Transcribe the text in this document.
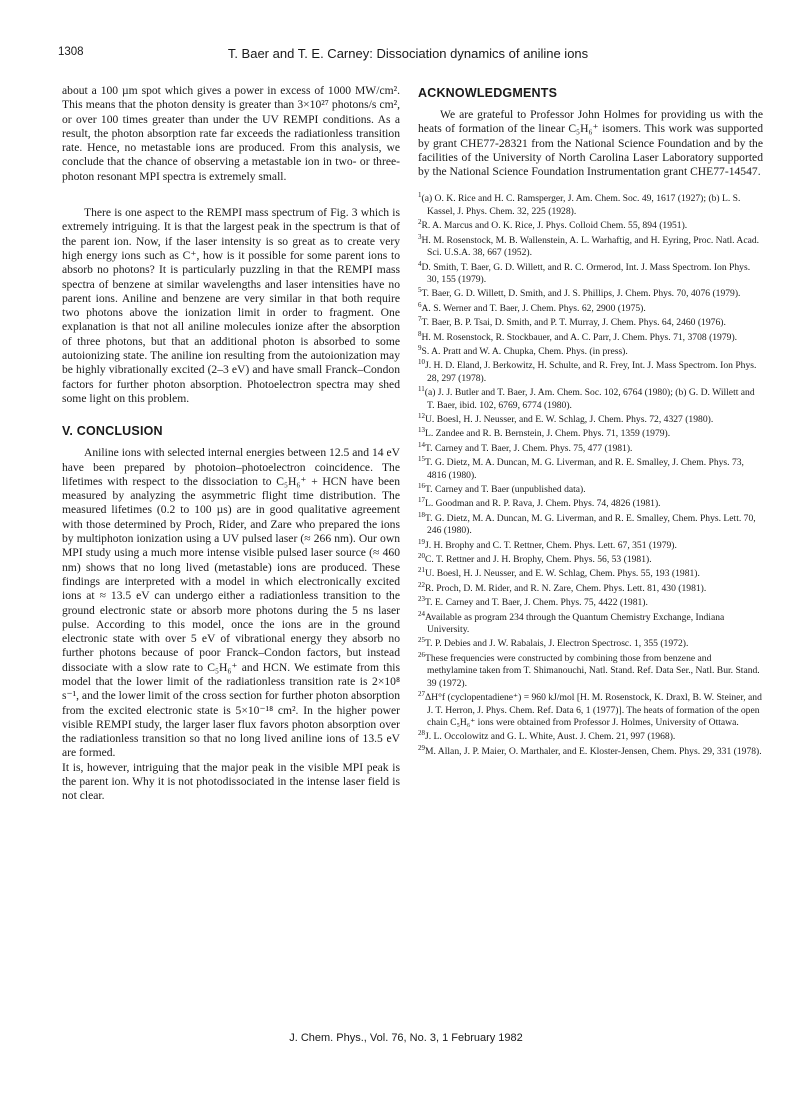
1308	T. Baer and T. E. Carney: Dissociation dynamics of aniline ions

about a 100 µm spot which gives a power in excess of 1000 MW/cm². This means that the photon density is greater than 3×10²⁷ photons/s cm², or over 100 times greater than under the UV REMPI conditions. As a result, the photon absorption rate far exceeds the radiationless transition rate. Hence, no metastable ions are produced. From this analysis, we conclude that the chance of observing a metastable ion in two- or three-photon resonant MPI spectra is extremely small.

There is one aspect to the REMPI mass spectrum of Fig. 3 which is extremely intriguing. It is that the largest peak in the spectrum is that of the parent ion. Now, if the laser intensity is so great as to create very high energy ions such as C⁺, how is it possible for some parent ions to absorb no photons? It is particularly puzzling in that the REMPI mass spectra of benzene at similar wavelengths and laser intensities have no parent ions. Aniline and benzene are very similar in that both require two photons above the ionization limit in order to fragment. One explanation is that not all aniline molecules ionize after the absorption of three photons, but that an additional photon is absorbed to some autoionizing state. The aniline ion resulting from the autoionization may be highly vibrationally excited (2–3 eV) and have small Franck–Condon factors for further photon absorption. Photoelectron spectra may shed some light on this problem.

V. CONCLUSION

Aniline ions with selected internal energies between 12.5 and 14 eV have been prepared by photoion–photoelectron coincidence. The lifetimes with respect to the dissociation to C₅H₆⁺ + HCN have been measured by analyzing the asymmetric flight time distribution. The measured lifetimes (0.2 to 100 µs) are in good qualitative agreement with those determined by Proch, Rider, and Zare who prepared the ions by multiphoton ionization using a UV pulsed laser (≈ 266 nm). Our own MPI study using a much more intense visible pulsed laser source (≈ 460 nm) shows that no long lived (metastable) ions are produced. These findings are interpreted with a model in which electronically excited ions at ≈ 13.5 eV can undergo either a radiationless transition to the ground electronic state or absorb more photons during the 5 ns laser pulse. According to this model, once the ions are in the ground electronic state with over 5 eV of vibrational energy they absorb no further photons because of poor Franck–Condon factors, but instead dissociate with a slow rate to C₅H₆⁺ and HCN. We estimate from this model that the lower limit of the radiationless transition rate is 2×10⁸ s⁻¹, and the lower limit of the cross section for further photon absorption from the excited electronic state is 5×10⁻¹⁸ cm². In the higher power visible REMPI study, the larger laser flux favors photon absorption over the radiationless transition so that no long lived aniline ions of 13.5 eV are formed.

It is, however, intriguing that the major peak in the visible MPI peak is the parent ion. Why it is not photodissociated in the intense laser field is not clear.

ACKNOWLEDGMENTS

We are grateful to Professor John Holmes for providing us with the heats of formation of the linear C₅H₆⁺ isomers. This work was supported by grant CHE77-28321 from the National Science Foundation and by the facilities of the University of North Carolina Laser Laboratory supported by the National Science Foundation Instrumentation grant CHE77-14547.

$^1$(a) O. K. Rice and H. C. Ramsperger, J. Am. Chem. Soc. 49, 1617 (1927); (b) L. S. Kassel, J. Phys. Chem. 32, 225 (1928).
$^2$R. A. Marcus and O. K. Rice, J. Phys. Colloid Chem. 55, 894 (1951).
$^3$H. M. Rosenstock, M. B. Wallenstein, A. L. Warhaftig, and H. Eyring, Proc. Natl. Acad. Sci. U.S.A. 38, 667 (1952).
$^4$D. Smith, T. Baer, G. D. Willett, and R. C. Ormerod, Int. J. Mass Spectrom. Ion Phys. 30, 155 (1979).
$^5$T. Baer, G. D. Willett, D. Smith, and J. S. Phillips, J. Chem. Phys. 70, 4076 (1979).
$^6$A. S. Werner and T. Baer, J. Chem. Phys. 62, 2900 (1975).
$^7$T. Baer, B. P. Tsai, D. Smith, and P. T. Murray, J. Chem. Phys. 64, 2460 (1976).
$^8$H. M. Rosenstock, R. Stockbauer, and A. C. Parr, J. Chem. Phys. 71, 3708 (1979).
$^9$S. A. Pratt and W. A. Chupka, Chem. Phys. (in press).
$^{10}$J. H. D. Eland, J. Berkowitz, H. Schulte, and R. Frey, Int. J. Mass Spectrom. Ion Phys. 28, 297 (1978).
$^{11}$(a) J. J. Butler and T. Baer, J. Am. Chem. Soc. 102, 6764 (1980); (b) G. D. Willett and T. Baer, ibid. 102, 6769, 6774 (1980).
$^{12}$U. Boesl, H. J. Neusser, and E. W. Schlag, J. Chem. Phys. 72, 4327 (1980).
$^{13}$L. Zandee and R. B. Bernstein, J. Chem. Phys. 71, 1359 (1979).
$^{14}$T. Carney and T. Baer, J. Chem. Phys. 75, 477 (1981).
$^{15}$T. G. Dietz, M. A. Duncan, M. G. Liverman, and R. E. Smalley, J. Chem. Phys. 73, 4816 (1980).
$^{16}$T. Carney and T. Baer (unpublished data).
$^{17}$L. Goodman and R. P. Rava, J. Chem. Phys. 74, 4826 (1981).
$^{18}$T. G. Dietz, M. A. Duncan, M. G. Liverman, and R. E. Smalley, Chem. Phys. Lett. 70, 246 (1980).
$^{19}$J. H. Brophy and C. T. Rettner, Chem. Phys. Lett. 67, 351 (1979).
$^{20}$C. T. Rettner and J. H. Brophy, Chem. Phys. 56, 53 (1981).
$^{21}$U. Boesl, H. J. Neusser, and E. W. Schlag, Chem. Phys. 55, 193 (1981).
$^{22}$R. Proch, D. M. Rider, and R. N. Zare, Chem. Phys. Lett. 81, 430 (1981).
$^{23}$T. E. Carney and T. Baer, J. Chem. Phys. 75, 4422 (1981).
$^{24}$Available as program 234 through the Quantum Chemistry Exchange, Indiana University.
$^{25}$T. P. Debies and J. W. Rabalais, J. Electron Spectrosc. 1, 355 (1972).
$^{26}$These frequencies were constructed by combining those from benzene and methylamine taken from T. Shimanouchi, Natl. Stand. Ref. Data Ser., Natl. Bur. Stand. 39 (1972).
$^{27}$ΔH°f (cyclopentadiene⁺) = 960 kJ/mol [H. M. Rosenstock, K. Draxl, B. W. Steiner, and J. T. Herron, J. Phys. Chem. Ref. Data 6, 1 (1977)]. The heats of formation of the open chain C₅H₆⁺ ions were obtained from Professor J. Holmes, University of Ottawa.
$^{28}$J. L. Occolowitz and G. L. White, Aust. J. Chem. 21, 997 (1968).
$^{29}$M. Allan, J. P. Maier, O. Marthaler, and E. Kloster-Jensen, Chem. Phys. 29, 331 (1978).
J. Chem. Phys., Vol. 76, No. 3, 1 February 1982
